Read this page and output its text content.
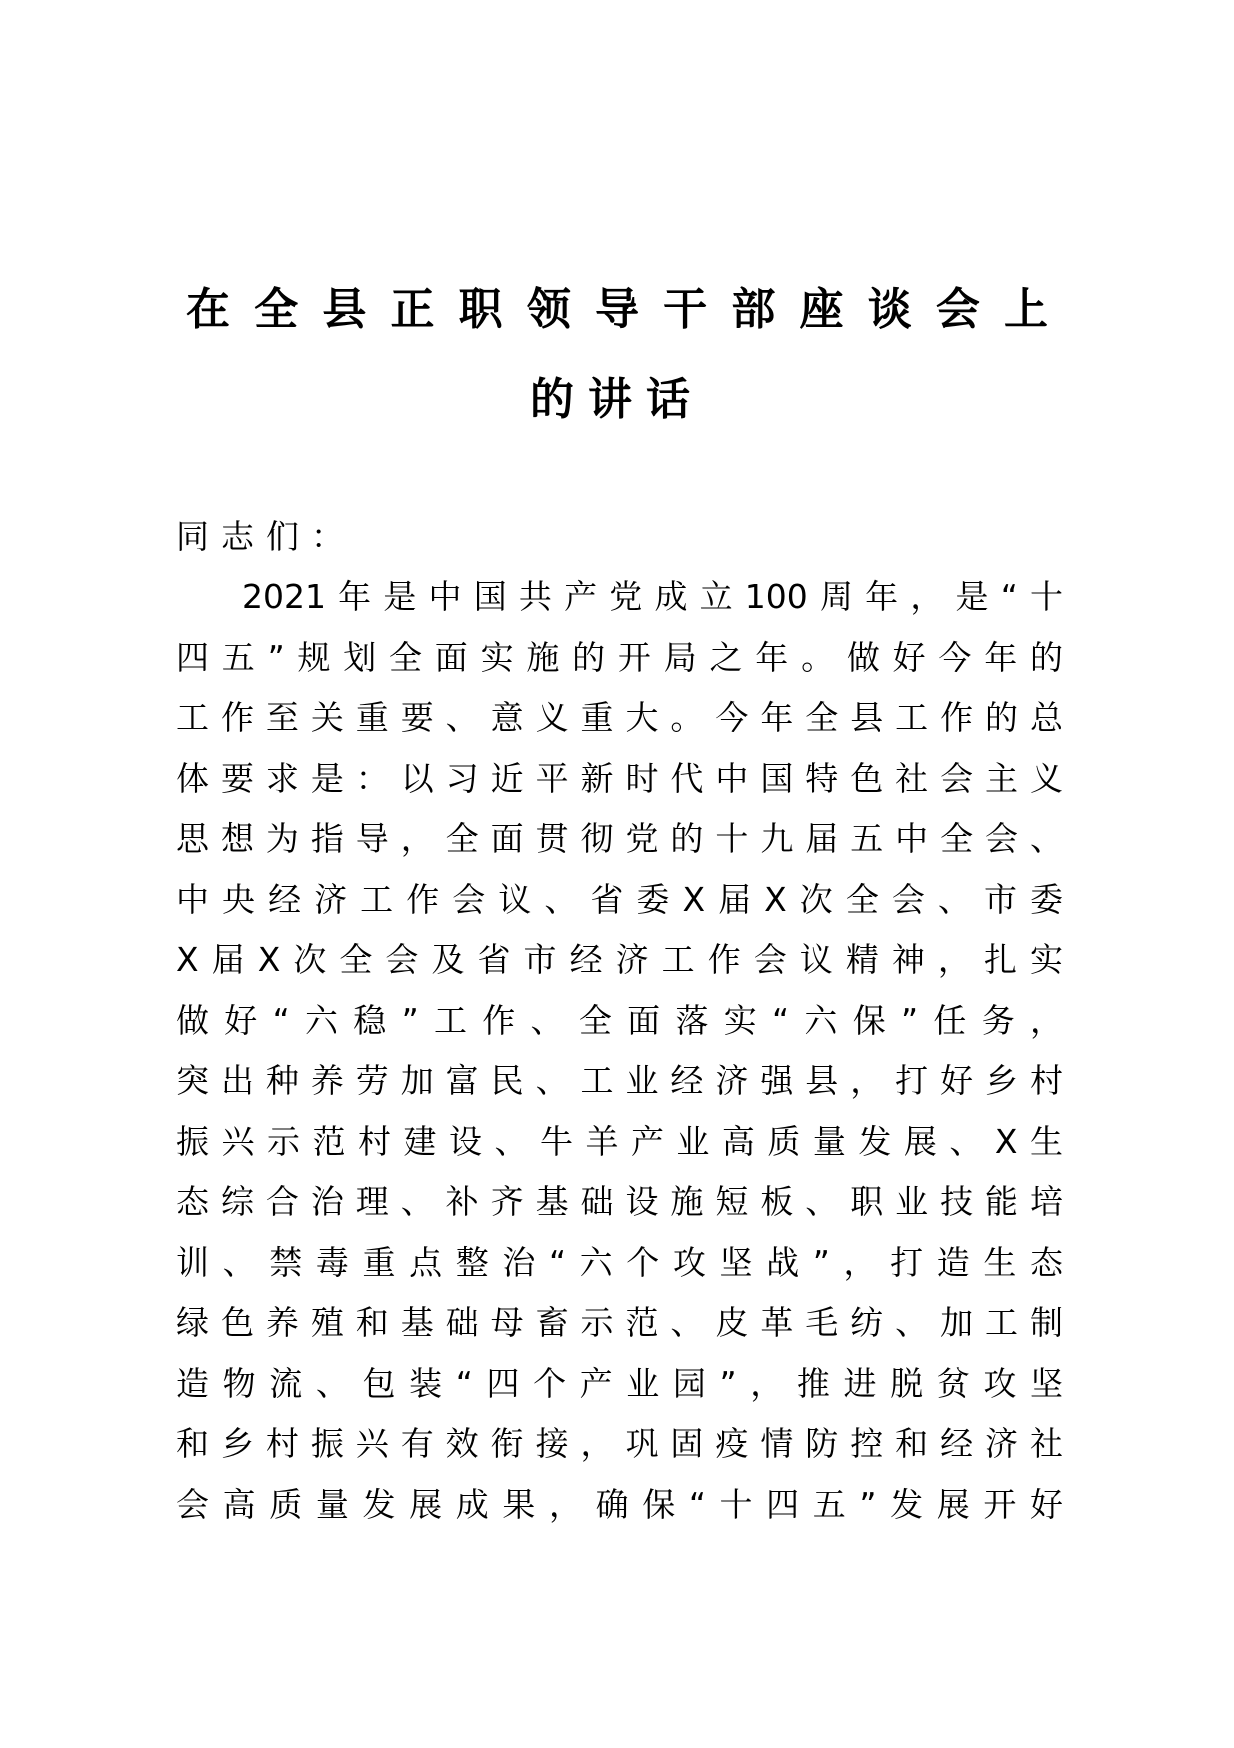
在全县正职领导干部座谈会上
的讲话
同志们：
2021年是中国共产党成立100周年，是“十
四五”规划全面实施的开局之年。做好今年的
工作至关重要、意义重大。今年全县工作的总
体要求是：以习近平新时代中国特色社会主义
思想为指导，全面贯彻党的十九届五中全会、
中央经济工作会议、省委X届X次全会、市委
X届X次全会及省市经济工作会议精神，扎实
做好“六稳”工作、全面落实“六保”任务，
突出种养劳加富民、工业经济强县，打好乡村
振兴示范村建设、牛羊产业高质量发展、X生
态综合治理、补齐基础设施短板、职业技能培
训、禁毒重点整治“六个攻坚战”，打造生态
绿色养殖和基础母畜示范、皮革毛纺、加工制
造物流、包装“四个产业园”，推进脱贫攻坚
和乡村振兴有效衔接，巩固疫情防控和经济社
会高质量发展成果，确保“十四五”发展开好
